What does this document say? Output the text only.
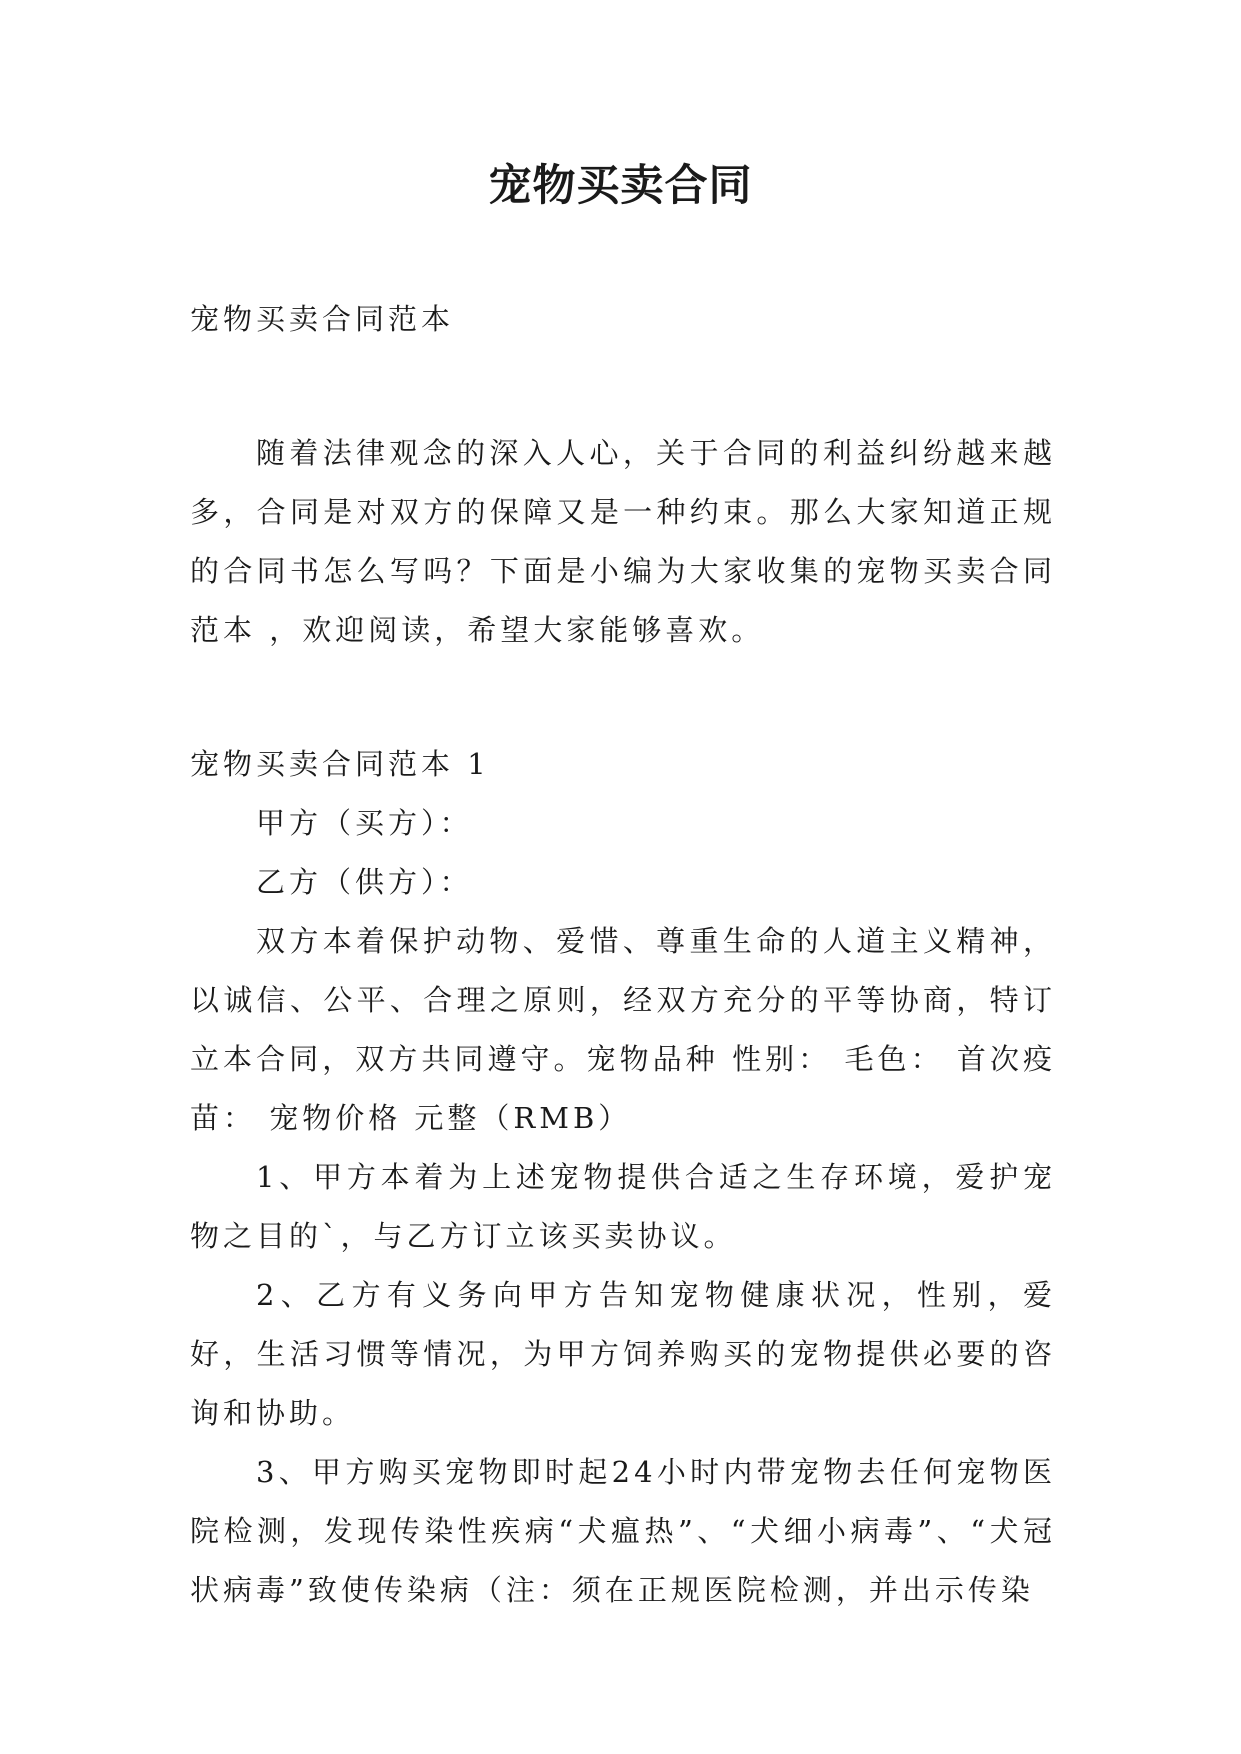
宠物买卖合同

宠物买卖合同范本

随着法律观念的深入人心，关于合同的利益纠纷越来越多，合同是对双方的保障又是一种约束。那么大家知道正规的合同书怎么写吗？下面是小编为大家收集的宠物买卖合同范本 ，欢迎阅读，希望大家能够喜欢。

宠物买卖合同范本 1

甲方（买方）：

乙方（供方）：

双方本着保护动物、爱惜、尊重生命的人道主义精神，以诚信、公平、合理之原则，经双方充分的平等协商，特订立本合同，双方共同遵守。宠物品种 性别： 毛色： 首次疫苗： 宠物价格 元整（RMB）

1、甲方本着为上述宠物提供合适之生存环境，爱护宠物之目的`，与乙方订立该买卖协议。

2、乙方有义务向甲方告知宠物健康状况，性别，爱好，生活习惯等情况，为甲方饲养购买的宠物提供必要的咨询和协助。

3、甲方购买宠物即时起24小时内带宠物去任何宠物医院检测，发现传染性疾病“犬瘟热”、“犬细小病毒”、“犬冠状病毒”致使传染病（注：须在正规医院检测，并出示传染
